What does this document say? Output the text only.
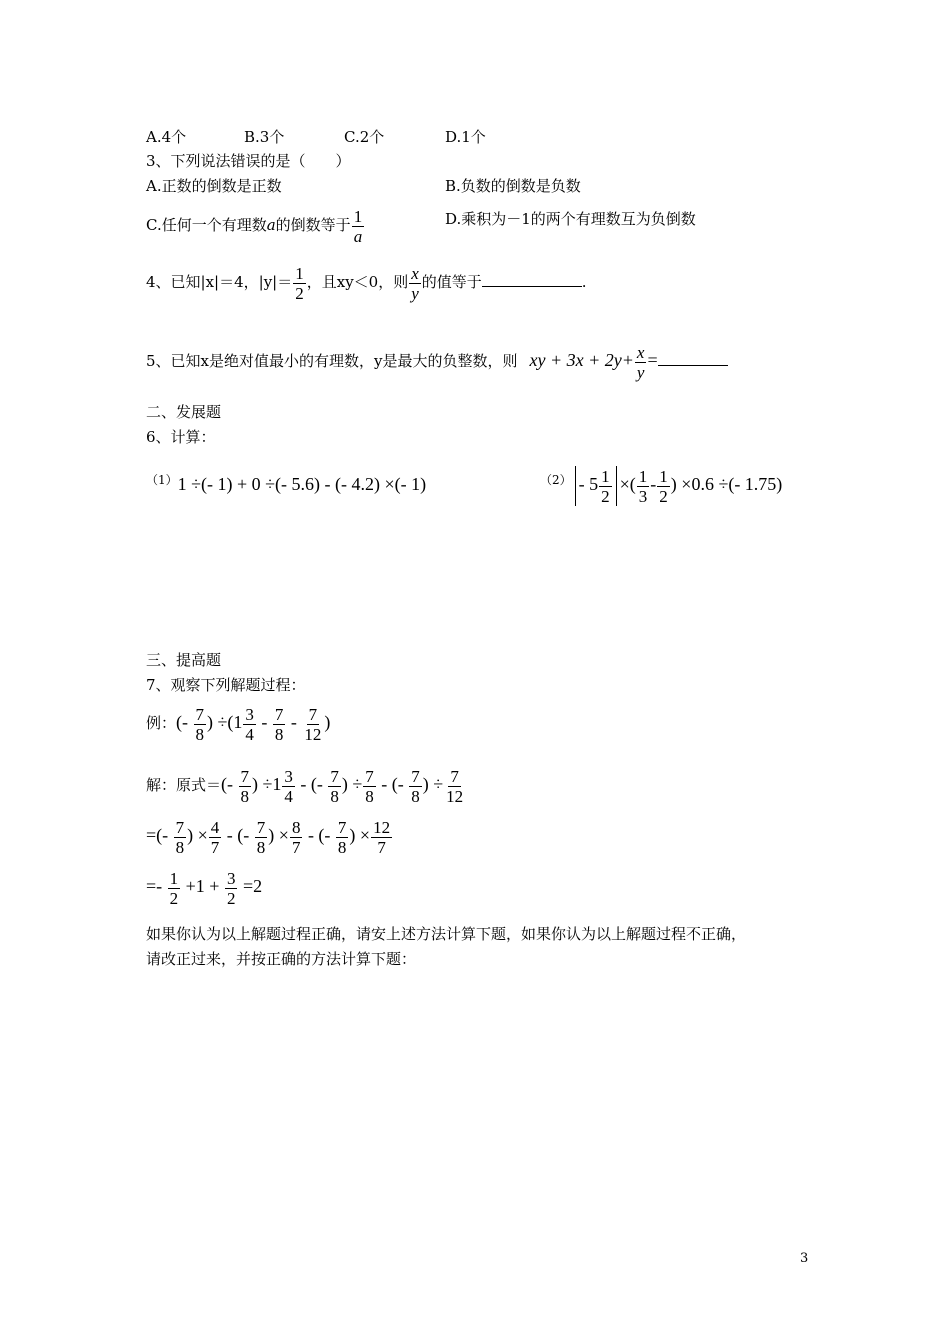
A.4个	B.3个	C.2个	D.1个
3、下列说法错误的是（　　）
A.正数的倒数是正数	B.负数的倒数是负数
C.任何一个有理数a的倒数等于 $\frac{1}{a}$	D.乘积为－1的两个有理数互为负倒数
4、已知|x|＝4，$|y|= \frac{1}{2}$ ，且xy＜0，则 $\frac{x}{y}$ 的值等于	.
5、已知x是绝对值最小的有理数，y是最大的负整数，则 xy + $3x + 2y+ \frac{x}{y}$ =
二、发展题
6、计算：
$^{(1)}$1 ÷(- 1) + 0 ÷(- 5.6) - (- 4.2) ×(- 1)	$^{(2)} - 5 \frac{1}{2}$ ×( $\frac{1}{3} - \frac{1}{2}$ ) ×0.6 ÷(- 1.75)
三、提高题
7、观察下列解题过程：
例：(- $\frac{7}{8}$ ) $\div(1 \frac{3}{4} - \frac{7}{8} - \frac{7}{12}$ )
解：原式＝(- $\frac{7}{8}$ ) $\div 1 \frac{3}{4}$ - (- $\frac{7}{8}$ ) ÷ $\frac{7}{8}$ - (- $\frac{7}{8}$ ) ÷ $\frac{7}{12}$
=(- $\frac{7}{8}$ ) × $\frac{4}{7}$ - (- $\frac{7}{8}$ ) × $\frac{8}{7}$ - (- $\frac{7}{8}$ ) × $\frac{12}{7}$
=- $\frac{1}{2} +1 + \frac{3}{2} =2$
如果你认为以上解题过程正确，请安上述方法计算下题，如果你认为以上解题过程不正确，
请改正过来，并按正确的方法计算下题：
3
